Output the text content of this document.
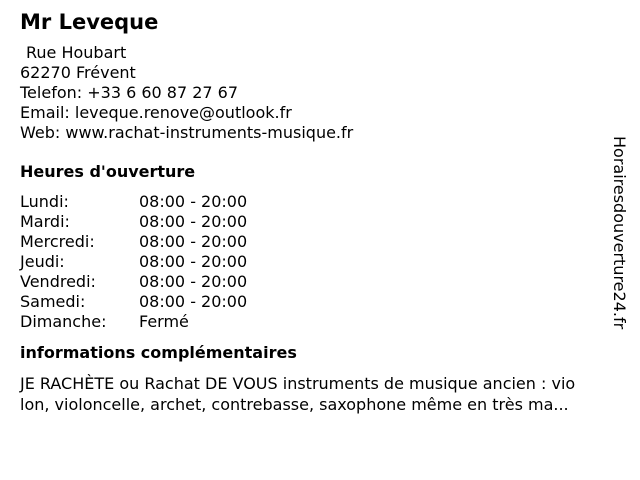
Mr Leveque
Rue Houbart
62270 Frévent
Telefon: +33 6 60 87 27 67
Email: leveque.renove@outlook.fr
Web: www.rachat-instruments-musique.fr
Heures d'ouverture
Lundi:	08:00 - 20:00
Mardi:	08:00 - 20:00
Mercredi:	08:00 - 20:00
Jeudi:	08:00 - 20:00
Vendredi:	08:00 - 20:00
Samedi:	08:00 - 20:00
Dimanche:	Fermé
informations complémentaires
JE RACHÈTE ou Rachat DE VOUS instruments de musique ancien : vio
lon, violoncelle, archet, contrebasse, saxophone même en très ma...
Horairesdouverture24.fr
